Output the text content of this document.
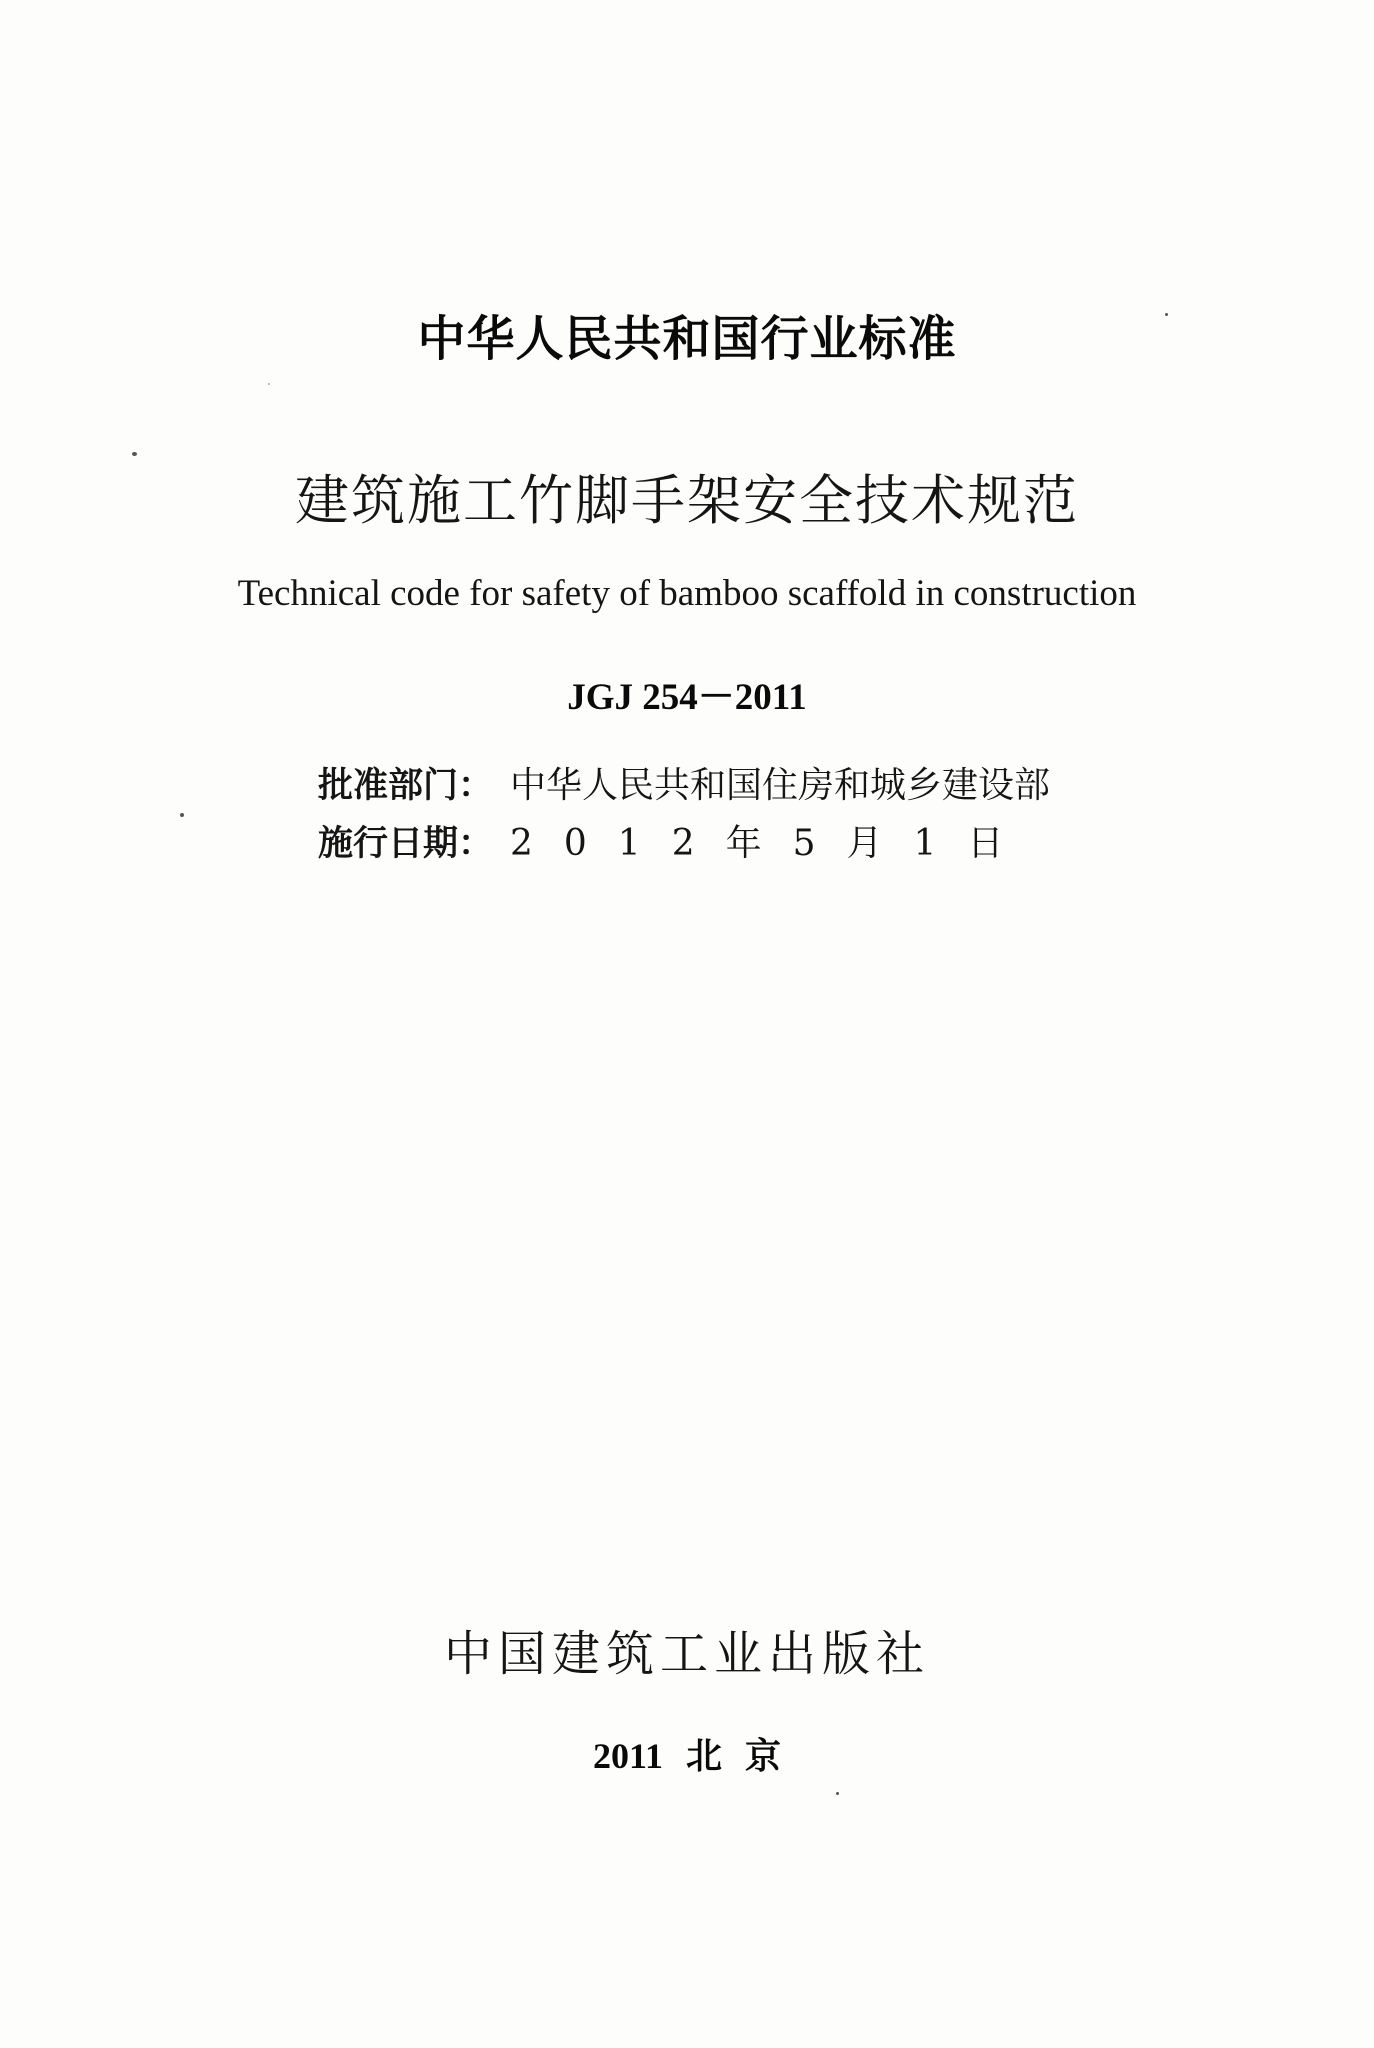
中华人民共和国行业标准
建筑施工竹脚手架安全技术规范
Technical code for safety of bamboo scaffold in construction
JGJ 254－2011
批准部门： 中华人民共和国住房和城乡建设部
施行日期： 2012年5月1日
中国建筑工业出版社
2011 北 京
